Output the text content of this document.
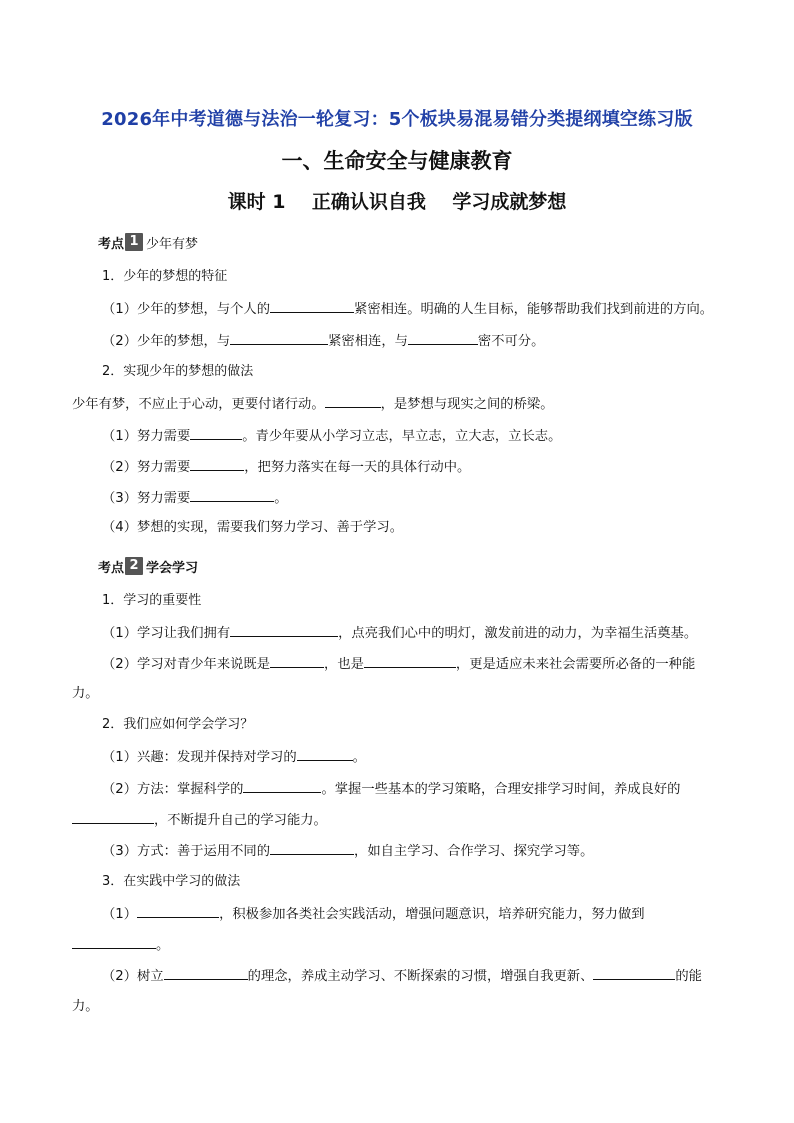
2026年中考道德与法治一轮复习：5个板块易混易错分类提纲填空练习版
一、生命安全与健康教育
课时 1    正确认识自我    学习成就梦想
考点 1 少年有梦
1．少年的梦想的特征
（1）少年的梦想，与个人的	紧密相连。明确的人生目标，能够帮助我们找到前进的方向。
（2）少年的梦想，与	紧密相连，与	密不可分。
2．实现少年的梦想的做法
少年有梦，不应止于心动，更要付诸行动。	，是梦想与现实之间的桥梁。
（1）努力需要	。青少年要从小学习立志，早立志，立大志，立长志。
（2）努力需要	，把努力落实在每一天的具体行动中。
（3）努力需要	。
（4）梦想的实现，需要我们努力学习、善于学习。
考点 2 学会学习
1．学习的重要性
（1）学习让我们拥有	，点亮我们心中的明灯，激发前进的动力，为幸福生活奠基。
（2）学习对青少年来说既是	，也是	，更是适应未来社会需要所必备的一种能
力。
2．我们应如何学会学习？
（1）兴趣：发现并保持对学习的	。
（2）方法：掌握科学的	。掌握一些基本的学习策略，合理安排学习时间，养成良好的
，不断提升自己的学习能力。
（3）方式：善于运用不同的	，如自主学习、合作学习、探究学习等。
3．在实践中学习的做法
（1）	，积极参加各类社会实践活动，增强问题意识，培养研究能力，努力做到
。
（2）树立	的理念，养成主动学习、不断探索的习惯，增强自我更新、	的能
力。
